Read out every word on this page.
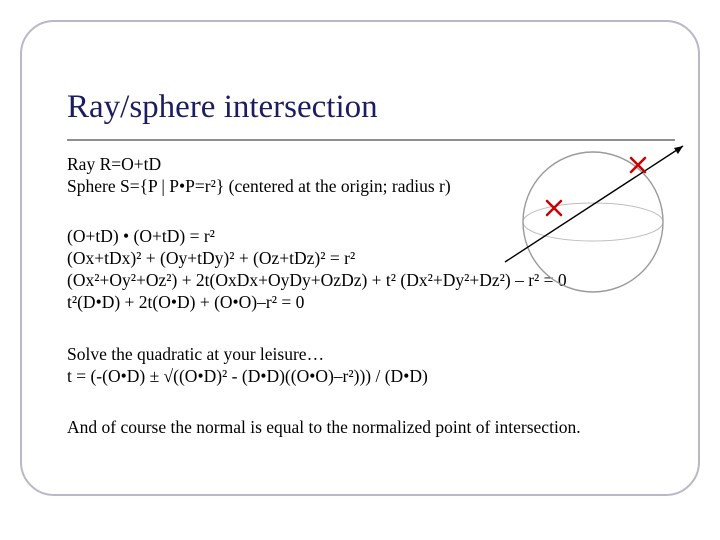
Ray/sphere intersection
Ray R=O+tD
Sphere S={P | P•P=r²} (centered at the origin; radius r)
(O+tD) • (O+tD) = r²
(Ox+tDx)² + (Oy+tDy)² + (Oz+tDz)² = r²
(Ox²+Oy²+Oz²) + 2t(OxDx+OyDy+OzDz) + t² (Dx²+Dy²+Dz²) – r² = 0
t²(D•D) + 2t(O•D) + (O•O)–r² = 0
Solve the quadratic at your leisure…
t = (-(O•D) ± √((O•D)² - (D•D)((O•O)–r²))) / (D•D)
And of course the normal is equal to the normalized point of intersection.
